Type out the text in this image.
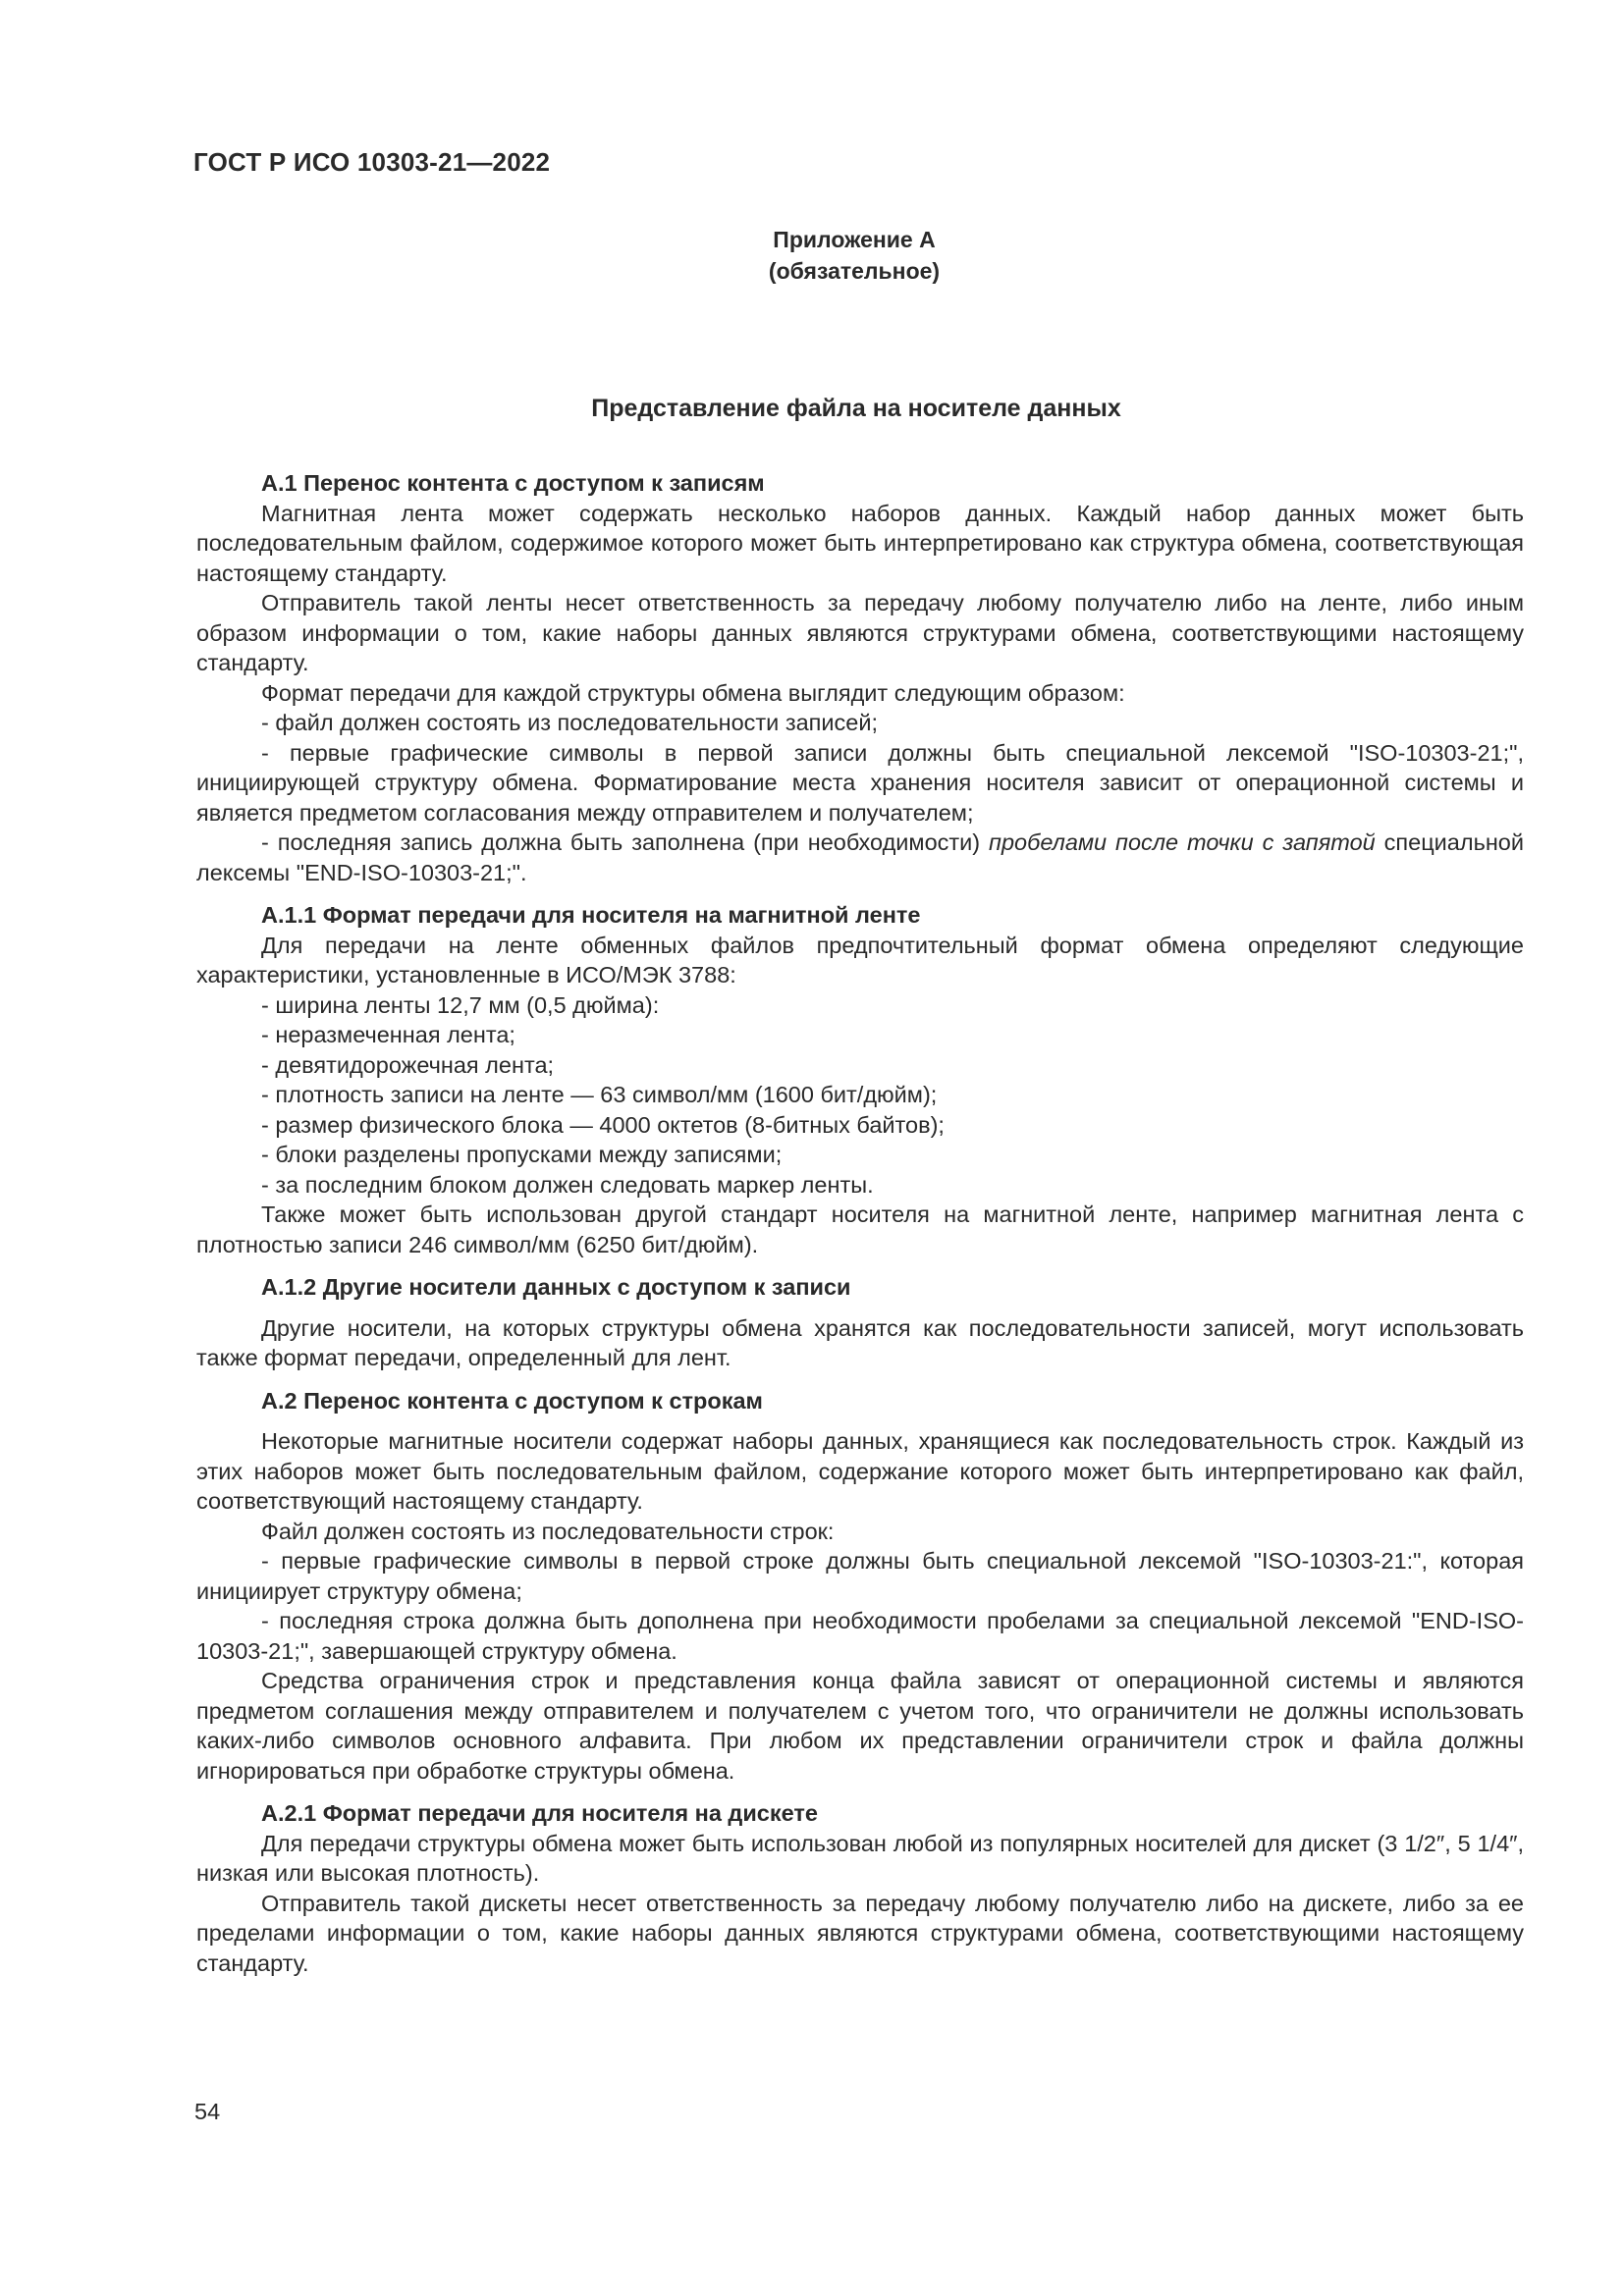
ГОСТ Р ИСО 10303-21—2022
Приложение А
(обязательное)
Представление файла на носителе данных
А.1 Перенос контента с доступом к записям

Магнитная лента может содержать несколько наборов данных. Каждый набор данных может быть последовательным файлом, содержимое которого может быть интерпретировано как структура обмена, соответствующая настоящему стандарту.

Отправитель такой ленты несет ответственность за передачу любому получателю либо на ленте, либо иным образом информации о том, какие наборы данных являются структурами обмена, соответствующими настоящему стандарту.

Формат передачи для каждой структуры обмена выглядит следующим образом:

- файл должен состоять из последовательности записей;

- первые графические символы в первой записи должны быть специальной лексемой "ISO-10303-21;", инициирующей структуру обмена. Форматирование места хранения носителя зависит от операционной системы и является предметом согласования между отправителем и получателем;

- последняя запись должна быть заполнена (при необходимости) пробелами после точки с запятой специальной лексемы "END-ISO-10303-21;".

А.1.1 Формат передачи для носителя на магнитной ленте

Для передачи на ленте обменных файлов предпочтительный формат обмена определяют следующие характеристики, установленные в ИСО/МЭК 3788:

- ширина ленты 12,7 мм (0,5 дюйма):

- неразмеченная лента;

- девятидорожечная лента;

- плотность записи на ленте — 63 символ/мм (1600 бит/дюйм);

- размер физического блока — 4000 октетов (8-битных байтов);

- блоки разделены пропусками между записями;

- за последним блоком должен следовать маркер ленты.

Также может быть использован другой стандарт носителя на магнитной ленте, например магнитная лента с плотностью записи 246 символ/мм (6250 бит/дюйм).

А.1.2 Другие носители данных с доступом к записи

Другие носители, на которых структуры обмена хранятся как последовательности записей, могут использовать также формат передачи, определенный для лент.

А.2 Перенос контента с доступом к строкам

Некоторые магнитные носители содержат наборы данных, хранящиеся как последовательность строк. Каждый из этих наборов может быть последовательным файлом, содержание которого может быть интерпретировано как файл, соответствующий настоящему стандарту.

Файл должен состоять из последовательности строк:

- первые графические символы в первой строке должны быть специальной лексемой "ISO-10303-21:", которая инициирует структуру обмена;

- последняя строка должна быть дополнена при необходимости пробелами за специальной лексемой "END-ISO-10303-21;", завершающей структуру обмена.

Средства ограничения строк и представления конца файла зависят от операционной системы и являются предметом соглашения между отправителем и получателем с учетом того, что ограничители не должны использовать каких-либо символов основного алфавита. При любом их представлении ограничители строк и файла должны игнорироваться при обработке структуры обмена.

А.2.1 Формат передачи для носителя на дискете

Для передачи структуры обмена может быть использован любой из популярных носителей для дискет (3 1/2″, 5 1/4″, низкая или высокая плотность).

Отправитель такой дискеты несет ответственность за передачу любому получателю либо на дискете, либо за ее пределами информации о том, какие наборы данных являются структурами обмена, соответствующими настоящему стандарту.

54
